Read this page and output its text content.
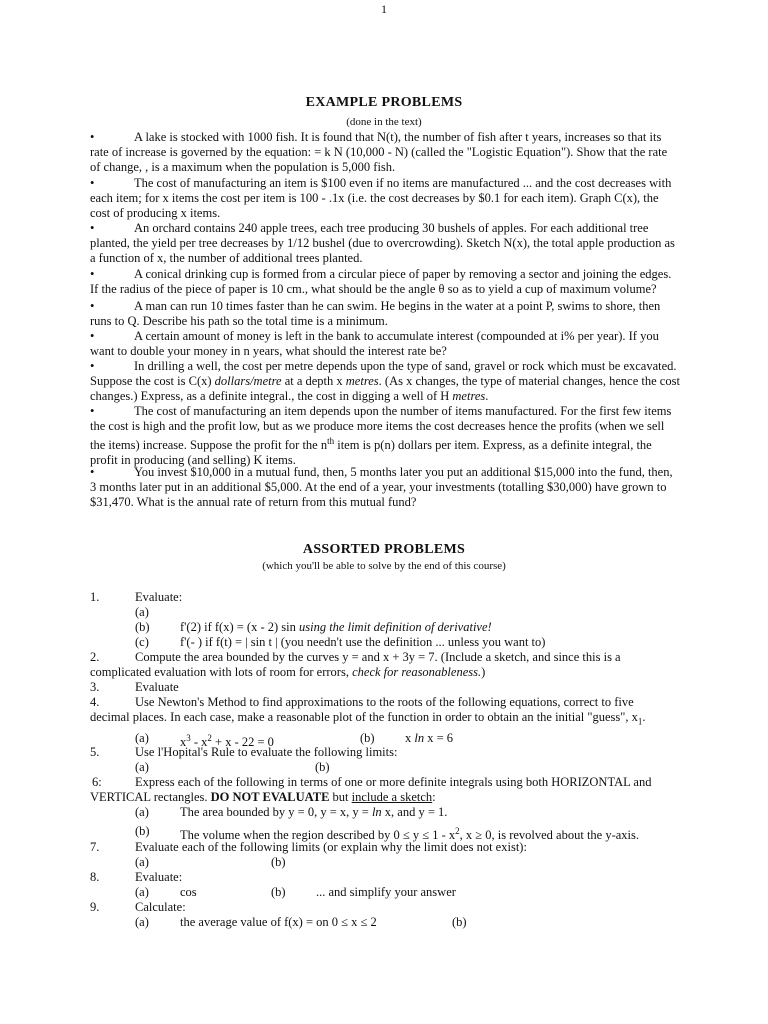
1
EXAMPLE PROBLEMS
(done in the text)
•	A lake is stocked with 1000 fish. It is found that N(t), the number of fish after t years, increases so that its rate of increase is governed by the equation: = k N (10,000 - N) (called the "Logistic Equation"). Show that the rate of change, , is a maximum when the population is 5,000 fish.
•	The cost of manufacturing an item is $100 even if no items are manufactured ... and the cost decreases with each item; for x items the cost per item is 100 - .1x (i.e. the cost decreases by $0.1 for each item). Graph C(x), the cost of producing x items.
•	An orchard contains 240 apple trees, each tree producing 30 bushels of apples. For each additional tree planted, the yield per tree decreases by 1/12 bushel (due to overcrowding). Sketch N(x), the total apple production as a function of x, the number of additional trees planted.
•	A conical drinking cup is formed from a circular piece of paper by removing a sector and joining the edges. If the radius of the piece of paper is 10 cm., what should be the angle θ so as to yield a cup of maximum volume?
•	A man can run 10 times faster than he can swim. He begins in the water at a point P, swims to shore, then runs to Q. Describe his path so the total time is a minimum.
•	A certain amount of money is left in the bank to accumulate interest (compounded at i% per year). If you want to double your money in n years, what should the interest rate be?
•	In drilling a well, the cost per metre depends upon the type of sand, gravel or rock which must be excavated. Suppose the cost is C(x) dollars/metre at a depth x metres. (As x changes, the type of material changes, hence the cost changes.) Express, as a definite integral., the cost in digging a well of H metres.
•	The cost of manufacturing an item depends upon the number of items manufactured. For the first few items the cost is high and the profit low, but as we produce more items the cost decreases hence the profits (when we sell the items) increase. Suppose the profit for the $n^{th}$ item is p(n) dollars per item. Express, as a definite integral, the profit in producing (and selling) K items.
•	You invest $10,000 in a mutual fund, then, 5 months later you put an additional $15,000 into the fund, then, 3 months later put in an additional $5,000. At the end of a year, your investments (totalling $30,000) have grown to $31,470. What is the annual rate of return from this mutual fund?
ASSORTED PROBLEMS
(which you'll be able to solve by the end of this course)
1.	Evaluate:
(a)
(b) f'(2) if f(x) = (x - 2) sin using the limit definition of derivative!
(c) f'(- ) if f(t) = | sin t | (you needn't use the definition ... unless you want to)
2.	Compute the area bounded by the curves y = and x + 3y = 7. (Include a sketch, and since this is a
complicated evaluation with lots of room for errors, check for reasonableness.)
3.	Evaluate
4.	Use Newton's Method to find approximations to the roots of the following equations, correct to five
decimal places. In each case, make a reasonable plot of the function in order to obtain an the initial "guess", $x_1$.
(a) $x^3 - x^2 + x - 22 = 0$	(b) x ln x = 6
5.	Use l'Hopital's Rule to evaluate the following limits:
(a)	(b)
6:	Express each of the following in terms of one or more definite integrals using both HORIZONTAL and
VERTICAL rectangles. DO NOT EVALUATE but include a sketch:
(a) The area bounded by y = 0, y = x, y = ln x, and y = 1.
(b) The volume when the region described by $0 \le y \le 1 - x^2$, x ≥ 0, is revolved about the y-axis.
7.	Evaluate each of the following limits (or explain why the limit does not exist):
(a)	(b)
8.	Evaluate:
(a) cos	(b) ... and simplify your answer
9.	Calculate:
(a) the average value of f(x) = on 0 ≤ x ≤ 2	(b)
